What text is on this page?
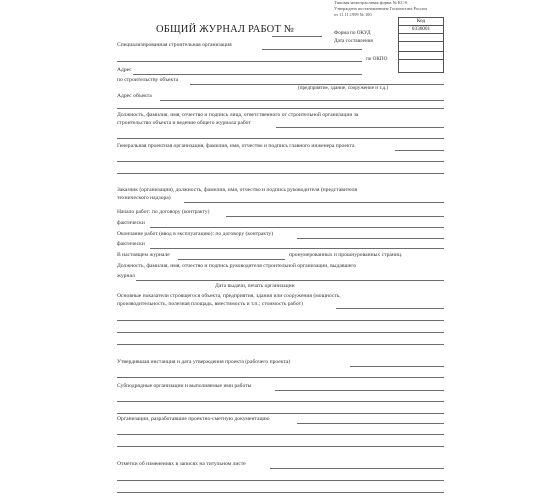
Типовая межотраслевая форма № КС-6
Утверждена постановлением Госкомстата России
от 11.11.1999 № 100
ОБЩИЙ ЖУРНАЛ РАБОТ №	Форма по ОКУД
Дата составления
по ОКПО
Код
0336001
Специализированная строительная организация
Адрес
по строительству объекта
(предприятие, здание, сооружение и т.д.)
Адрес объекта
Должность, фамилия, имя, отчество и подпись лица, ответственного от строительной организации за
строительство объекта и ведение общего журнала работ
Генеральная проектная организация, фамилия, имя, отчество и подпись главного инженера проекта
Заказчик (организация), должность, фамилия, имя, отчество и подпись руководителя (представителя
технического надзора)
Начало работ: по договору (контракту)
фактически
Окончание работ (ввод в эксплуатацию): по договору (контракту)
фактически
В настоящем журнале	пронумерованных и прошнурованных страниц.
Должность, фамилия, имя, отчество и подпись руководителя строительной организации, выдавшего
журнал
Дата выдачи, печать организации
Основные показатели строящегося объекта, предприятия, здания или сооружения (мощность,
производительность, полезная площадь, вместимость и т.п.; стоимость работ)
Утвердившая инстанция и дата утверждения проекта (рабочего проекта)
Субподрядные организации и выполняемые ими работы
Организации, разработавшие проектно-сметную документацию
Отметки об изменениях в записях на титульном листе
